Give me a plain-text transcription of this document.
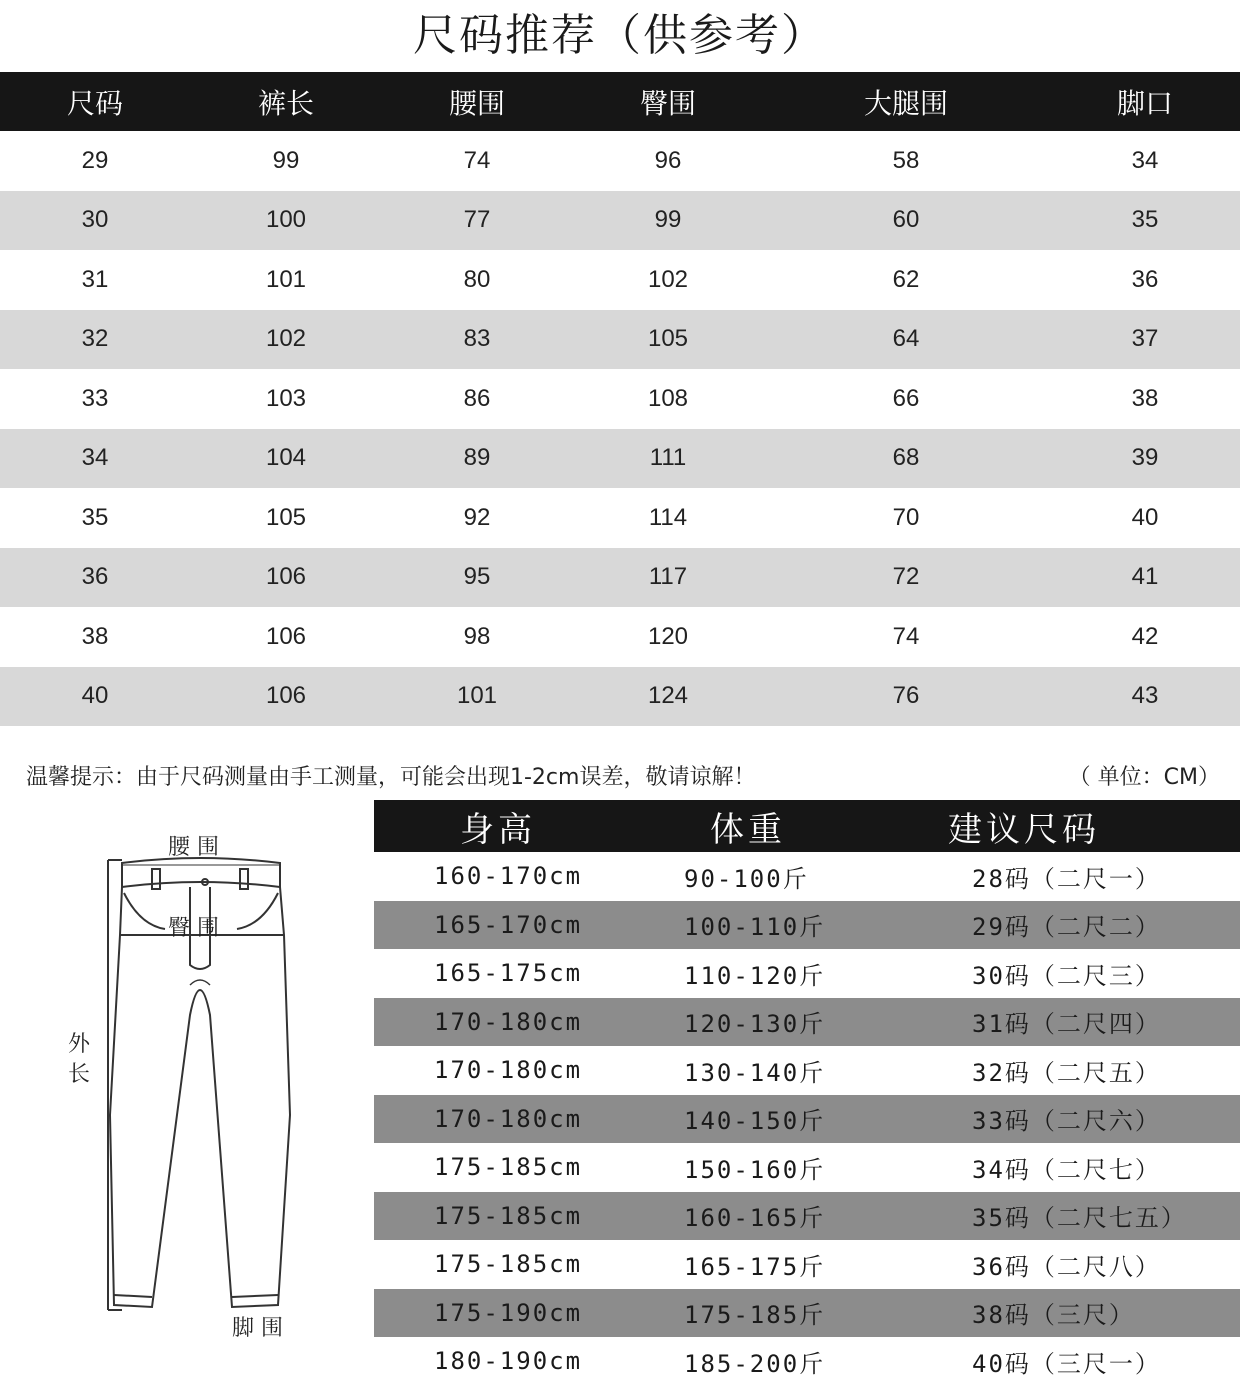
尺码推荐（供参考）
尺码	裤长	腰围	臀围	大腿围	脚口
29	99	74	96	58	34
30	100	77	99	60	35
31	101	80	102	62	36
32	102	83	105	64	37
33	103	86	108	66	38
34	104	89	111	68	39
35	105	92	114	70	40
36	106	95	117	72	41
38	106	98	120	74	42
40	106	101	124	76	43
温馨提示：由于尺码测量由手工测量，可能会出现1-2cm误差，敬请谅解！	（ 单位：CM）
腰 围
臀 围
外
长
脚 围
身高	体重	建议尺码
160-170cm	90-100斤	28码（二尺一）
165-170cm	100-110斤	29码（二尺二）
165-175cm	110-120斤	30码（二尺三）
170-180cm	120-130斤	31码（二尺四）
170-180cm	130-140斤	32码（二尺五）
170-180cm	140-150斤	33码（二尺六）
175-185cm	150-160斤	34码（二尺七）
175-185cm	160-165斤	35码（二尺七五）
175-185cm	165-175斤	36码（二尺八）
175-190cm	175-185斤	38码（三尺）
180-190cm	185-200斤	40码（三尺一）
